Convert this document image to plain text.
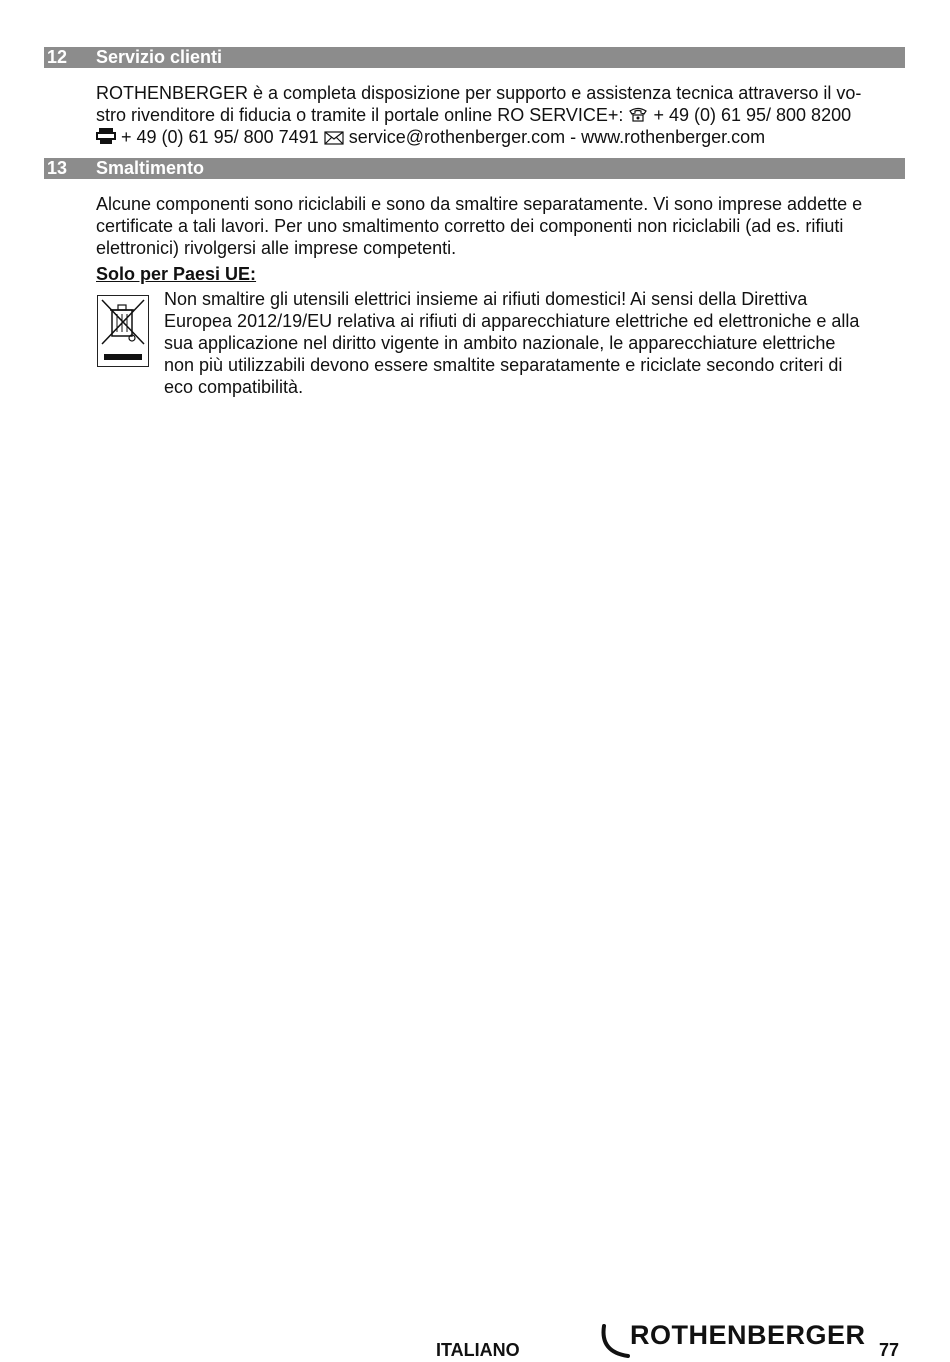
12 Servizio clienti
ROTHENBERGER è a completa disposizione per supporto e assistenza tecnica attraverso il vo-
stro rivenditore di fiducia o tramite il portale online RO SERVICE+: + 49 (0) 61 95/ 800 8200
+ 49 (0) 61 95/ 800 7491 service@rothenberger.com - www.rothenberger.com
13 Smaltimento
Alcune componenti sono riciclabili e sono da smaltire separatamente. Vi sono imprese addette e
certificate a tali lavori. Per uno smaltimento corretto dei componenti non riciclabili (ad es. rifiuti
elettronici) rivolgersi alle imprese competenti.
Solo per Paesi UE:
Non smaltire gli utensili elettrici insieme ai rifiuti domestici! Ai sensi della Direttiva
Europea 2012/19/EU relativa ai rifiuti di apparecchiature elettriche ed elettroniche e alla
sua applicazione nel diritto vigente in ambito nazionale, le apparecchiature elettriche
non più utilizzabili devono essere smaltite separatamente e riciclate secondo criteri di
eco compatibilità.
ITALIANO	ROTHENBERGER 77
